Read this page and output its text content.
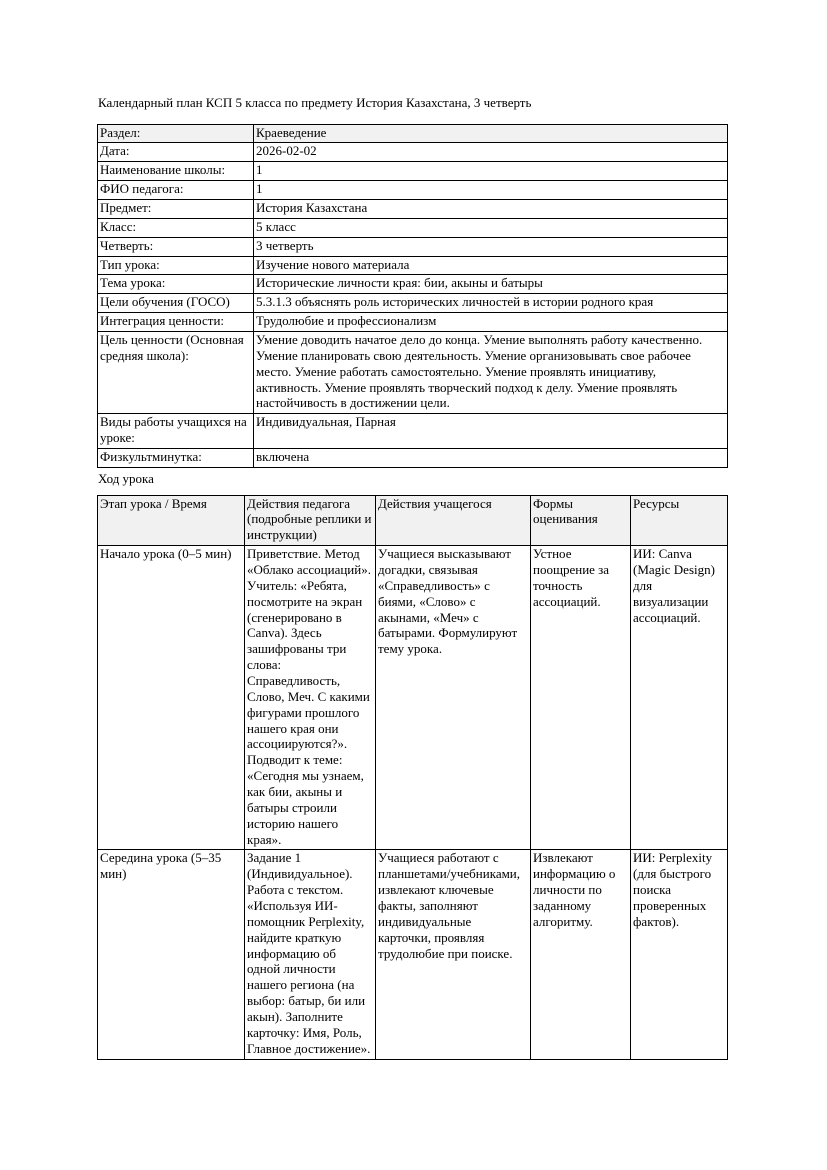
Календарный план КСП 5 класса по предмету История Казахстана, 3 четверть

Раздел:	Краеведение
Дата:	2026-02-02
Наименование школы:	1
ФИО педагога:	1
Предмет:	История Казахстана
Класс:	5 класс
Четверть:	3 четверть
Тип урока:	Изучение нового материала
Тема урока:	Исторические личности края: бии, акыны и батыры
Цели обучения (ГОСО)	5.3.1.3 объяснять роль исторических личностей в истории родного края
Интеграция ценности:	Трудолюбие и профессионализм
Цель ценности (Основная средняя школа):	Умение доводить начатое дело до конца. Умение выполнять работу качественно. Умение планировать свою деятельность. Умение организовывать свое рабочее место. Умение работать самостоятельно. Умение проявлять инициативу, активность. Умение проявлять творческий подход к делу. Умение проявлять настойчивость в достижении цели.
Виды работы учащихся на уроке:	Индивидуальная, Парная
Физкультминутка:	включена

Ход урока

Этап урока / Время	Действия педагога (подробные реплики и инструкции)	Действия учащегося	Формы оценивания	Ресурсы
Начало урока (0–5 мин)	Приветствие. Метод «Облако ассоциаций». Учитель: «Ребята, посмотрите на экран (сгенерировано в Canva). Здесь зашифрованы три слова: Справедливость, Слово, Меч. С какими фигурами прошлого нашего края они ассоциируются?». Подводит к теме: «Сегодня мы узнаем, как бии, акыны и батыры строили историю нашего края».	Учащиеся высказывают догадки, связывая «Справедливость» с биями, «Слово» с акынами, «Меч» с батырами. Формулируют тему урока.	Устное поощрение за точность ассоциаций.	ИИ: Canva (Magic Design) для визуализации ассоциаций.
Середина урока (5–35 мин)	Задание 1 (Индивидуальное). Работа с текстом. «Используя ИИ-помощник Perplexity, найдите краткую информацию об одной личности нашего региона (на выбор: батыр, би или акын). Заполните карточку: Имя, Роль, Главное достижение».	Учащиеся работают с планшетами/учебниками, извлекают ключевые факты, заполняют индивидуальные карточки, проявляя трудолюбие при поиске.	Извлекают информацию о личности по заданному алгоритму.	ИИ: Perplexity (для быстрого поиска проверенных фактов).
